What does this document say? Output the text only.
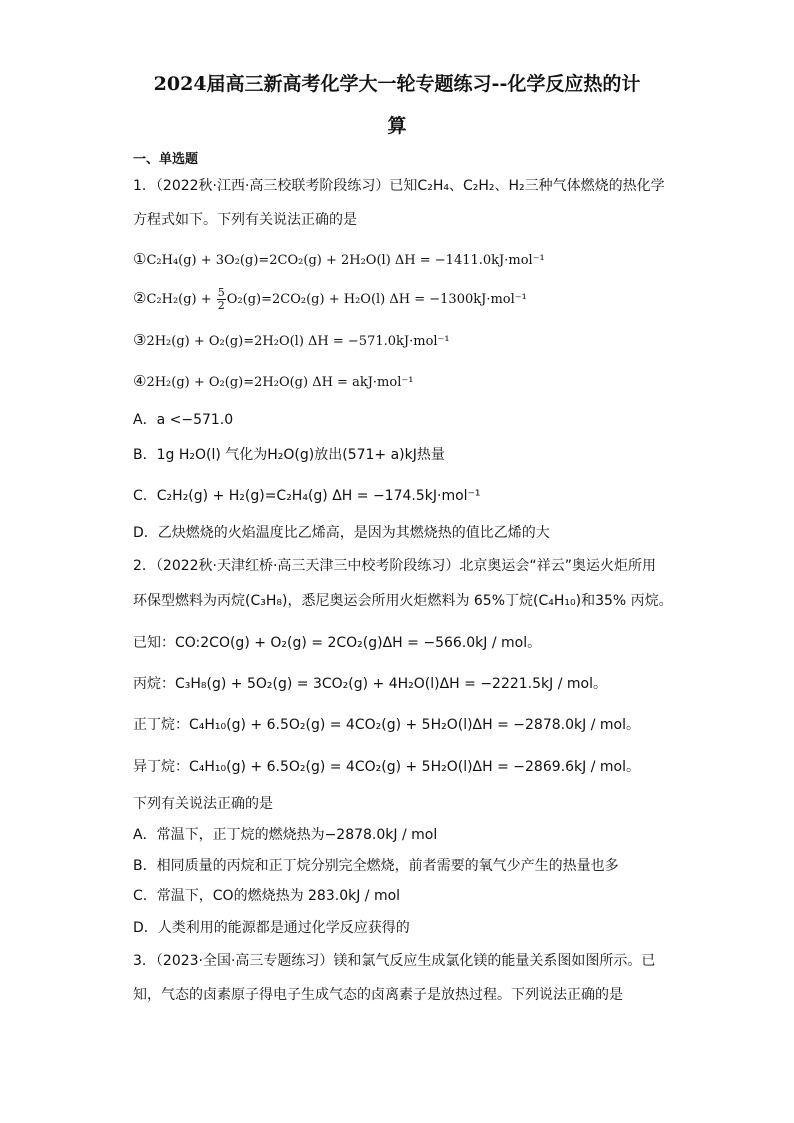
2024届高三新高考化学大一轮专题练习--化学反应热的计
算
一、单选题
1．（2022秋·江西·高三校联考阶段练习）已知C₂H₄、C₂H₂、H₂三种气体燃烧的热化学
方程式如下。下列有关说法正确的是
①C₂H₄(g) + 3O₂(g)=2CO₂(g) + 2H₂O(l) ΔH = −1411.0kJ·mol⁻¹
②C₂H₂(g) + $\frac{5}{2} O_2(g)=2CO_2(g) + H_2O(l) \Delta H = -1300kJ\cdot mol^{-1}$
③2H₂(g) + O₂(g)=2H₂O(l) ΔH = −571.0kJ·mol⁻¹
④2H₂(g) + O₂(g)=2H₂O(g) ΔH = akJ·mol⁻¹
A．a <−571.0
B．1g H₂O(l) 气化为H₂O(g)放出(571+ a)kJ热量
C．C₂H₂(g) + H₂(g)=C₂H₄(g) ΔH = −174.5kJ·mol⁻¹
D．乙炔燃烧的火焰温度比乙烯高，是因为其燃烧热的值比乙烯的大
2．（2022秋·天津红桥·高三天津三中校考阶段练习）北京奥运会“祥云”奥运火炬所用
环保型燃料为丙烷(C₃H₈)，悉尼奥运会所用火炬燃料为 65%丁烷(C₄H₁₀)和35% 丙烷。
已知：CO:2CO(g) + O₂(g) = 2CO₂(g)ΔH = −566.0kJ / mol。
丙烷：C₃H₈(g) + 5O₂(g) = 3CO₂(g) + 4H₂O(l)ΔH = −2221.5kJ / mol。
正丁烷：C₄H₁₀(g) + 6.5O₂(g) = 4CO₂(g) + 5H₂O(l)ΔH = −2878.0kJ / mol。
异丁烷：C₄H₁₀(g) + 6.5O₂(g) = 4CO₂(g) + 5H₂O(l)ΔH = −2869.6kJ / mol。
下列有关说法正确的是
A．常温下，正丁烷的燃烧热为−2878.0kJ / mol
B．相同质量的丙烷和正丁烷分别完全燃烧，前者需要的氧气少产生的热量也多
C．常温下，CO的燃烧热为 283.0kJ / mol
D．人类利用的能源都是通过化学反应获得的
3．（2023·全国·高三专题练习）镁和氯气反应生成氯化镁的能量关系图如图所示。已
知，气态的卤素原子得电子生成气态的卤离素子是放热过程。下列说法正确的是
